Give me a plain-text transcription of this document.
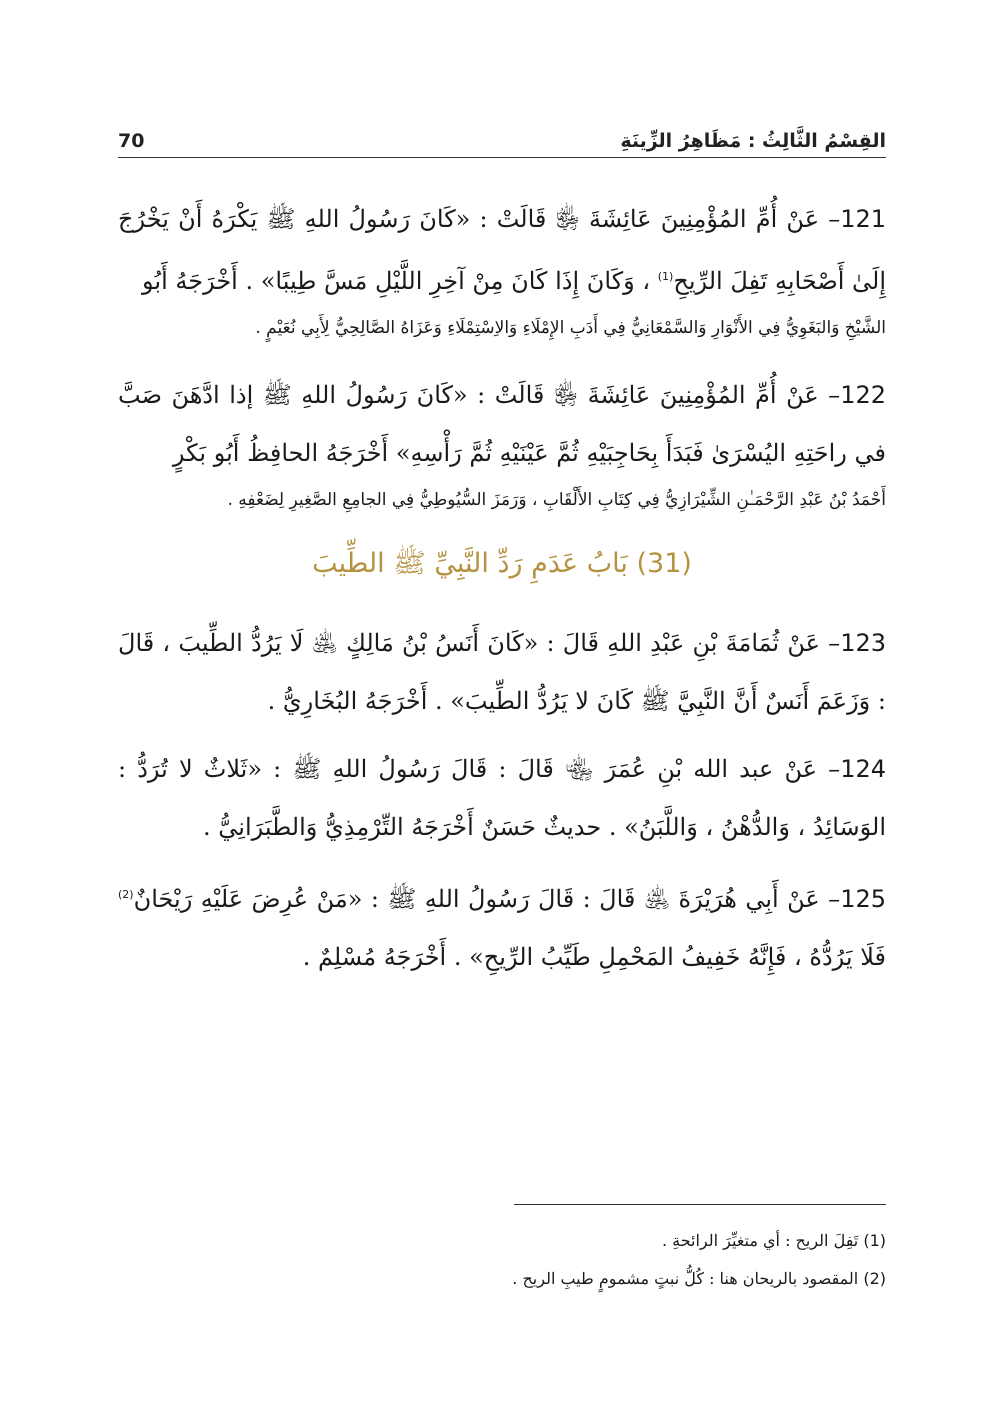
القِسْمُ الثَّالِثُ : مَظَاهِرُ الزِّينَةِ
70

121– عَنْ أُمِّ المُؤْمِنِينَ عَائِشَةَ ﵂ قَالَتْ : «كَانَ رَسُولُ اللهِ ﷺ يَكْرَهُ أَنْ يَخْرُجَ إِلَىٰ أَصْحَابِهِ تَفِلَ الرِّيحِ$^{(1)}$ ، وَكَانَ إِذَا كَانَ مِنْ آخِرِ اللَّيْلِ مَسَّ طِيبًا» . أَخْرَجَهُ أَبُو

الشَّيْخِ وَالبَغَوِيُّ فِي الأَنْوَارِ وَالسَّمْعَانِيُّ فِي أَدَبِ الإِمْلَاءِ وَالاِسْتِمْلَاءِ وَعَزَاهُ الصَّالِحِيُّ لِأَبِي نُعَيْمٍ .

122– عَنْ أُمِّ المُؤْمِنِينَ عَائِشَةَ ﵂ قَالَتْ : «كَانَ رَسُولُ اللهِ ﷺ إذا ادَّهَنَ صَبَّ في راحَتِهِ اليُسْرَىٰ فَبَدَأَ بِحَاجِبَيْهِ ثُمَّ عَيْنَيْهِ ثُمَّ رَأْسِهِ» أَخْرَجَهُ الحافِظُ أَبُو بَكْرٍ

أَحْمَدُ بْنُ عَبْدِ الرَّحْمَـٰنِ الشِّيْرَازِيُّ فِي كِتَابِ الأَلْقَابِ ، وَرَمَزَ السُّيُوطِيُّ فِي الجامِعِ الصَّغِيرِ لِضَعْفِهِ .

(31) بَابُ عَدَمِ رَدِّ النَّبِيِّ ﷺ الطِّيبَ

123– عَنْ ثُمَامَةَ بْنِ عَبْدِ اللهِ قَالَ : «كَانَ أَنَسُ بْنُ مَالِكٍ ﵁ لَا يَرُدُّ الطِّيبَ ، قَالَ : وَزَعَمَ أَنَسٌ أَنَّ النَّبِيَّ ﷺ كَانَ لا يَرُدُّ الطِّيبَ» . أَخْرَجَهُ البُخَارِيُّ .

124– عَنْ عبد الله بْنِ عُمَرَ ﵄ قَالَ : قَالَ رَسُولُ اللهِ ﷺ : «ثَلاثٌ لا تُرَدُّ : الوَسَائِدُ ، وَالدُّهْنُ ، وَاللَّبَنُ» . حديثٌ حَسَنٌ أَخْرَجَهُ التِّرْمِذِيُّ وَالطَّبَرَانِيُّ .

125– عَنْ أَبِي هُرَيْرَةَ ﵁ قَالَ : قَالَ رَسُولُ اللهِ ﷺ : «مَنْ عُرِضَ عَلَيْهِ رَيْحَانٌ$^{(2)}$ فَلَا يَرُدُّهُ ، فَإِنَّهُ خَفِيفُ المَحْمِلِ طَيِّبُ الرِّيحِ» . أَخْرَجَهُ مُسْلِمٌ .

(1) تَفِلَ الريح : أي متغيِّرَ الرائحةِ .

(2) المقصود بالريحان هنا : كُلُّ نبتٍ مشمومٍ طيبِ الريح .
